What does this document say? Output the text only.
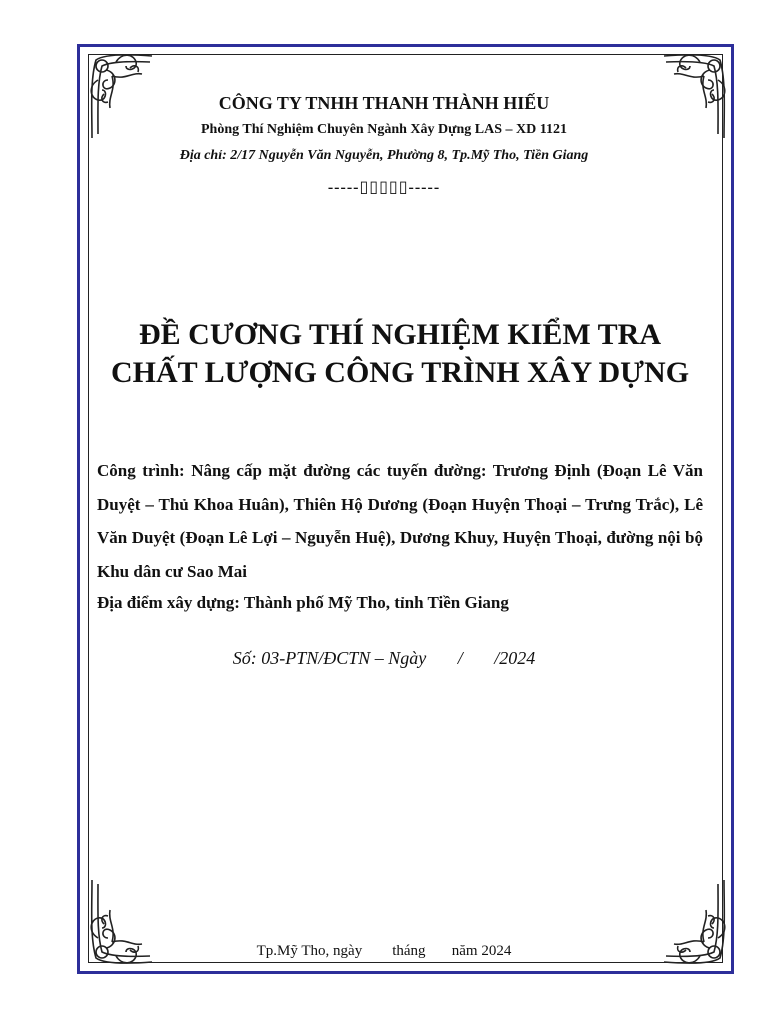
CÔNG TY TNHH THANH THÀNH HIẾU
Phòng Thí Nghiệm Chuyên Ngành Xây Dựng LAS – XD 1121
Địa chỉ: 2/17 Nguyễn Văn Nguyễn, Phường 8, Tp.Mỹ Tho, Tiền Giang
-----▯▯▯▯▯-----
ĐỀ CƯƠNG THÍ NGHIỆM KIỂM TRA CHẤT LƯỢNG CÔNG TRÌNH XÂY DỰNG
Công trình: Nâng cấp mặt đường các tuyến đường: Trương Định (Đoạn Lê Văn Duyệt – Thủ Khoa Huân), Thiên Hộ Dương (Đoạn Huyện Thoại – Trưng Trắc), Lê Văn Duyệt (Đoạn Lê Lợi – Nguyễn Huệ), Dương Khuy, Huyện Thoại, đường nội bộ Khu dân cư Sao Mai
Địa điểm xây dựng: Thành phố Mỹ Tho, tỉnh Tiền Giang
Số: 03-PTN/ĐCTN – Ngày       /       /2024
Tp.Mỹ Tho, ngày        tháng       năm 2024
